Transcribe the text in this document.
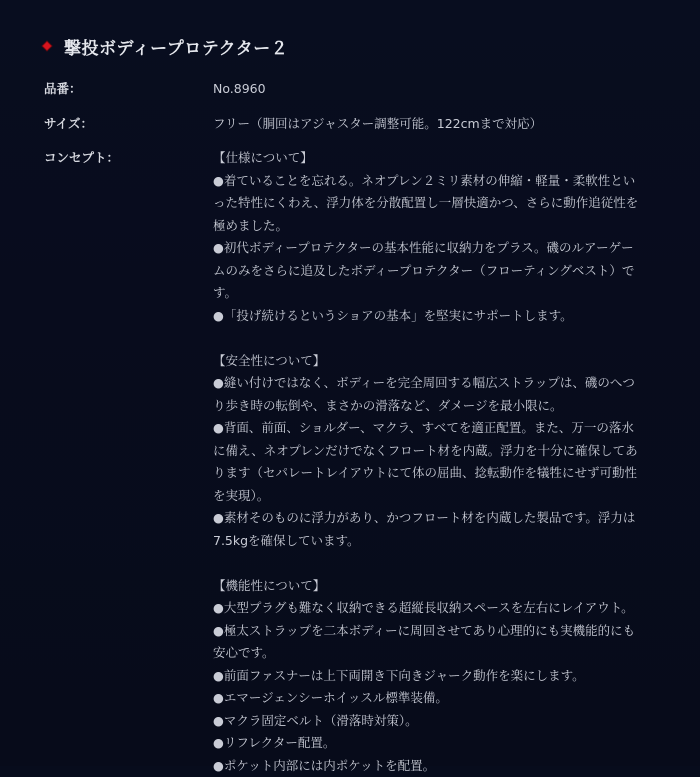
撃投ボディープロテクター２
品番：	No.8960
サイズ：	フリー（胴回はアジャスター調整可能。122cmまで対応）
コンセプト：	【仕様について】
●着ていることを忘れる。ネオプレン２ミリ素材の伸縮・軽量・柔軟性とい
った特性にくわえ、浮力体を分散配置し一層快適かつ、さらに動作追従性を
極めました。
●初代ボディープロテクターの基本性能に収納力をプラス。磯のルアーゲー
ムのみをさらに追及したボディープロテクター（フローティングベスト）で
す。
●「投げ続けるというショアの基本」を堅実にサポートします。
【安全性について】
●縫い付けではなく、ボディーを完全周回する幅広ストラップは、磯のへつ
り歩き時の転倒や、まさかの滑落など、ダメージを最小限に。
●背面、前面、ショルダー、マクラ、すべてを適正配置。また、万一の落水
に備え、ネオプレンだけでなくフロート材を内蔵。浮力を十分に確保してあ
ります（セパレートレイアウトにて体の屈曲、捻転動作を犠牲にせず可動性
を実現）。
●素材そのものに浮力があり、かつフロート材を内蔵した製品です。浮力は
7.5kgを確保しています。
【機能性について】
●大型プラグも難なく収納できる超縦長収納スペースを左右にレイアウト。
●極太ストラップを二本ボディーに周回させてあり心理的にも実機能的にも
安心です。
●前面ファスナーは上下両開き下向きジャーク動作を楽にします。
●エマージェンシーホイッスル標準装備。
●マクラ固定ベルト（滑落時対策）。
●リフレクター配置。
●ポケット内部には内ポケットを配置。
